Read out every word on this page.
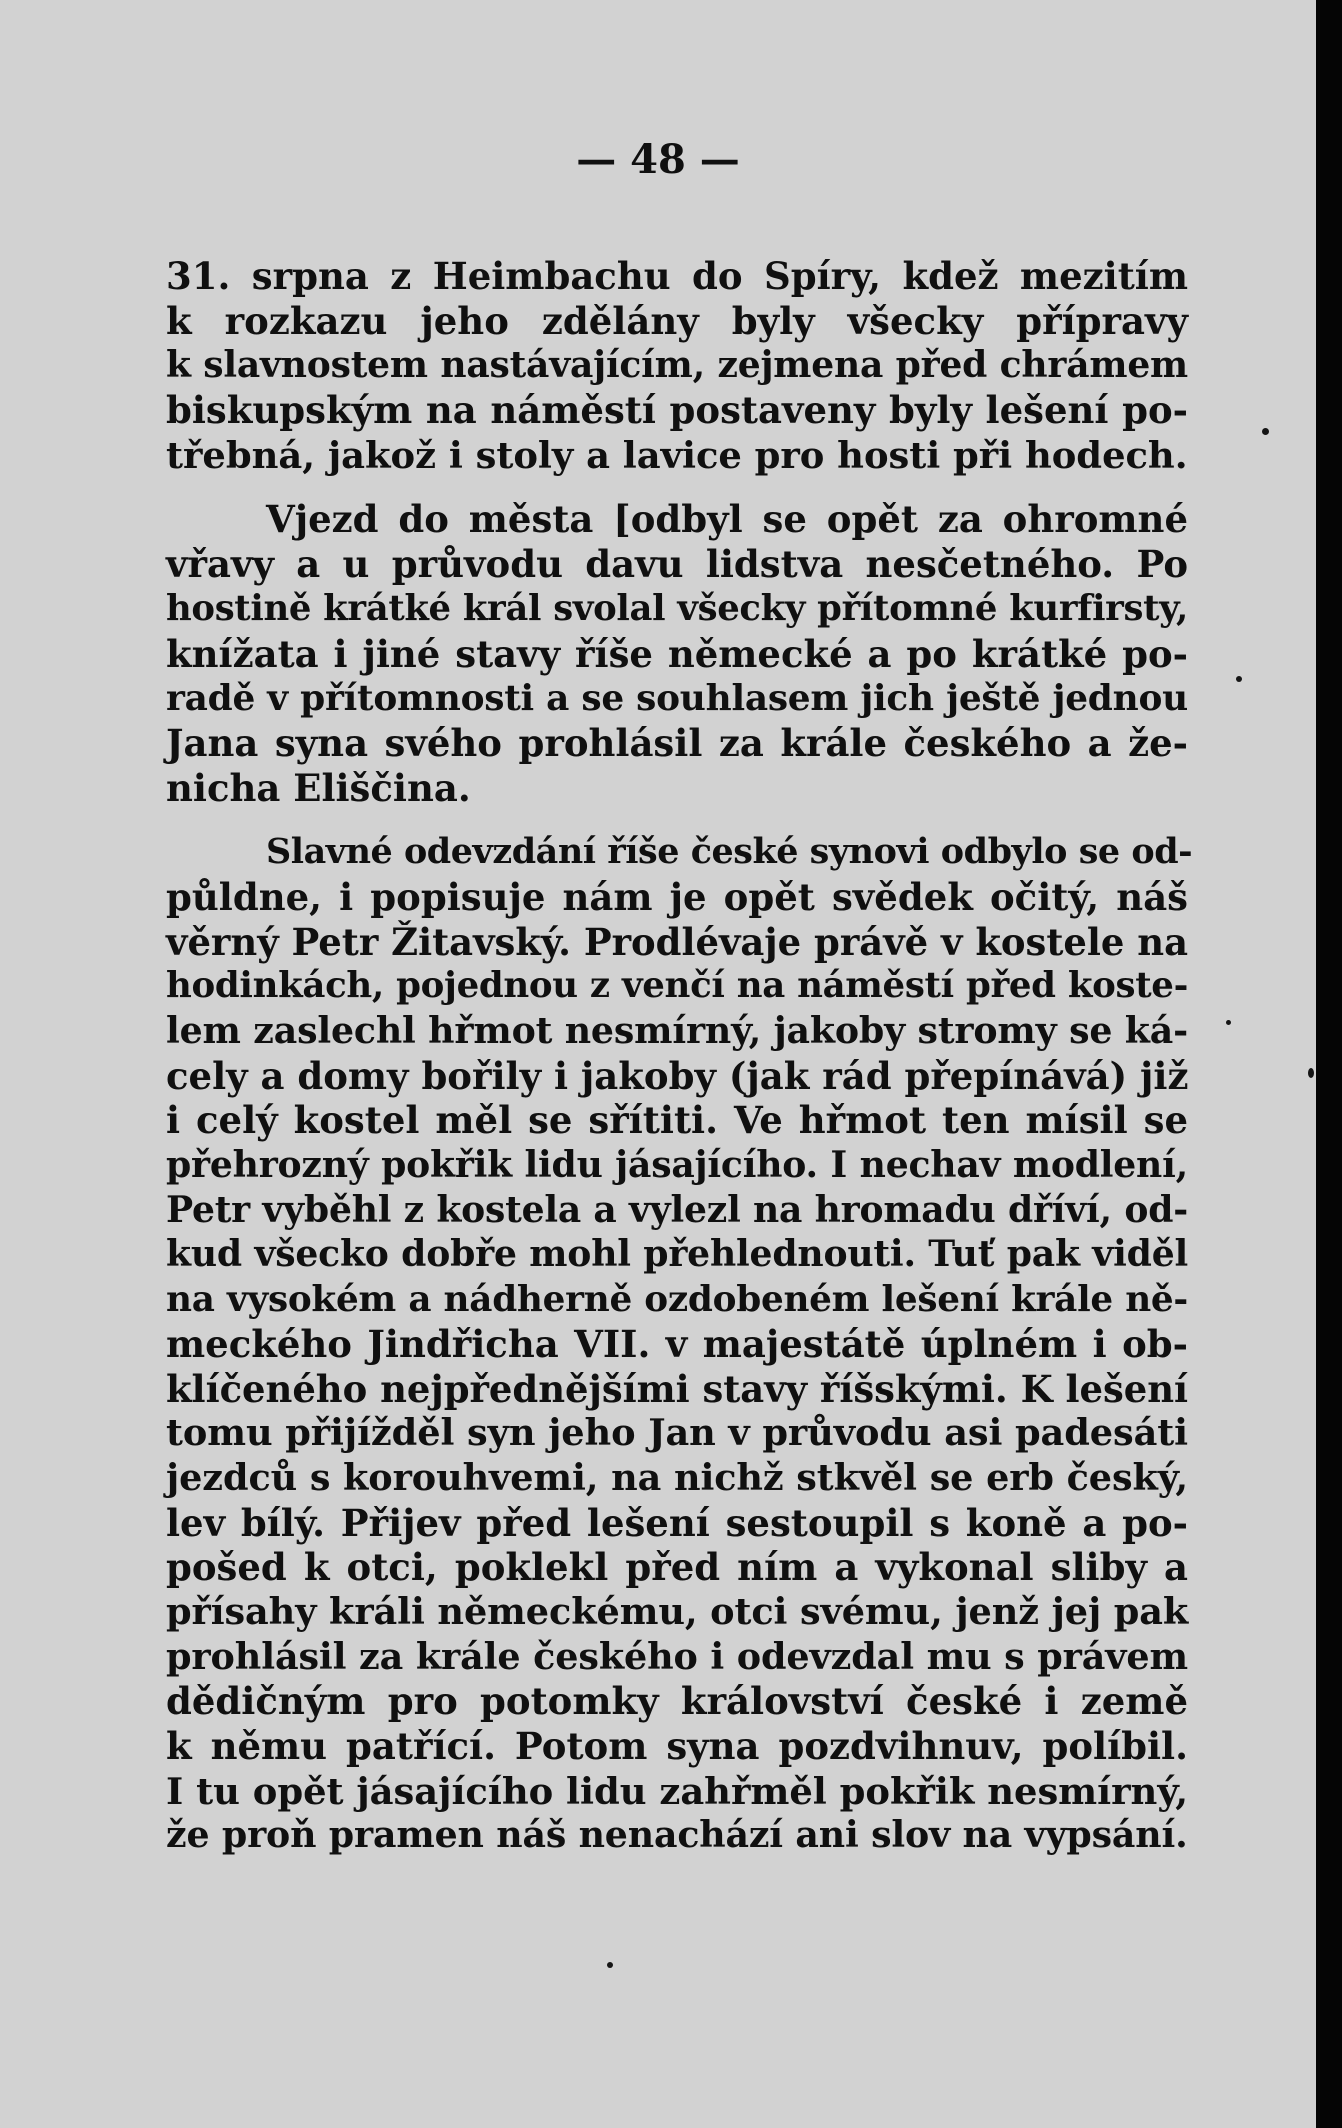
— 48 —
31. srpna z Heimbachu do Spíry, kdež mezitím
k rozkazu jeho zdělány byly všecky přípravy
k slavnostem nastávajícím, zejmena před chrámem
biskupským na náměstí postaveny byly lešení po-
třebná, jakož i stoly a lavice pro hosti při hodech.
Vjezd do města [odbyl se opět za ohromné
vřavy a u průvodu davu lidstva nesčetného. Po
hostině krátké král svolal všecky přítomné kurfirsty,
knížata i jiné stavy říše německé a po krátké po-
radě v přítomnosti a se souhlasem jich ještě jednou
Jana syna svého prohlásil za krále českého a že-
nicha Eliščina.
Slavné odevzdání říše české synovi odbylo se od-
půldne, i popisuje nám je opět svědek očitý, náš
věrný Petr Žitavský. Prodlévaje právě v kostele na
hodinkách, pojednou z venčí na náměstí před koste-
lem zaslechl hřmot nesmírný, jakoby stromy se ká-
cely a domy bořily i jakoby (jak rád přepínává) již
i celý kostel měl se sřítiti. Ve hřmot ten mísil se
přehrozný pokřik lidu jásajícího. I nechav modlení,
Petr vyběhl z kostela a vylezl na hromadu dříví, od-
kud všecko dobře mohl přehlednouti. Tuť pak viděl
na vysokém a nádherně ozdobeném lešení krále ně-
meckého Jindřicha VII. v majestátě úplném i ob-
klíčeného nejpřednějšími stavy říšskými. K lešení
tomu přijížděl syn jeho Jan v průvodu asi padesáti
jezdců s korouhvemi, na nichž stkvěl se erb český,
lev bílý. Přijev před lešení sestoupil s koně a po-
pošed k otci, poklekl před ním a vykonal sliby a
přísahy králi německému, otci svému, jenž jej pak
prohlásil za krále českého i odevzdal mu s právem
dědičným pro potomky království české i země
k němu patřící. Potom syna pozdvihnuv, políbil.
I tu opět jásajícího lidu zahřměl pokřik nesmírný,
že proň pramen náš nenachází ani slov na vypsání.
